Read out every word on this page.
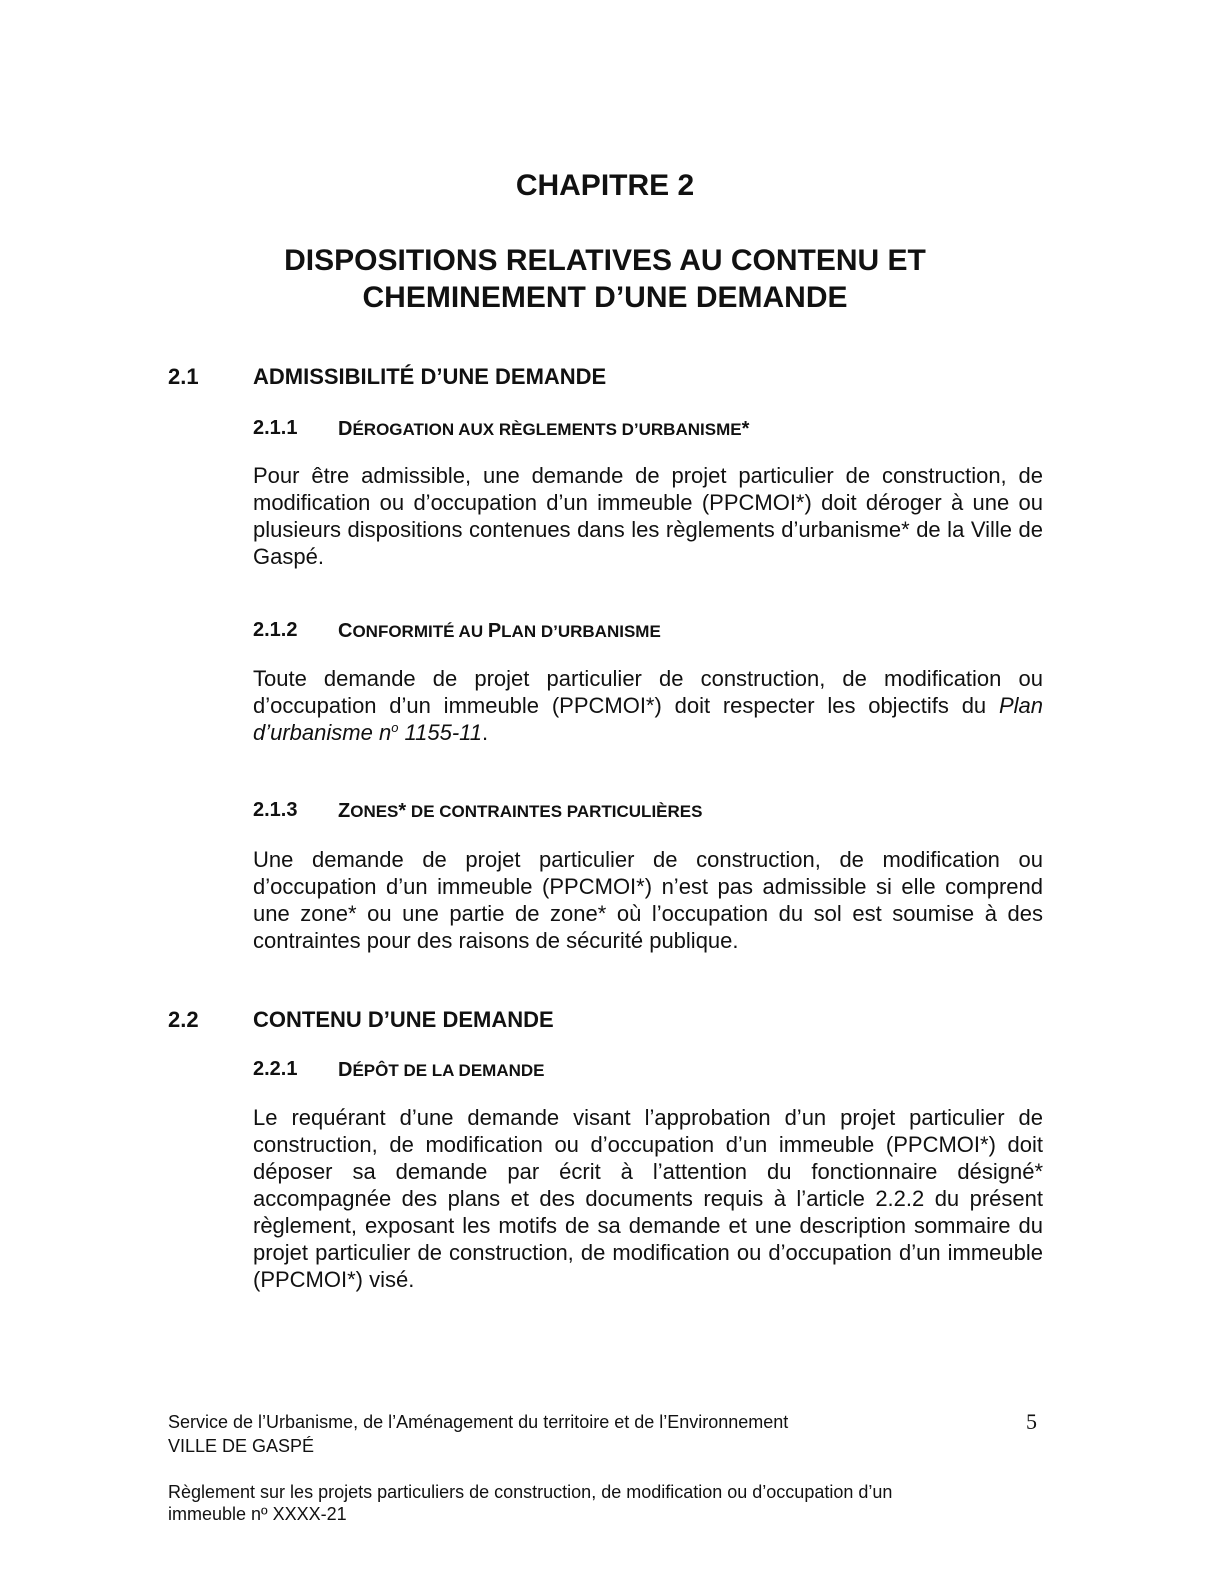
CHAPITRE 2
DISPOSITIONS RELATIVES AU CONTENU ET
CHEMINEMENT D’UNE DEMANDE
2.1 ADMISSIBILITÉ D’UNE DEMANDE
2.1.1 DÉROGATION AUX RÈGLEMENTS D’URBANISME*
Pour être admissible, une demande de projet particulier de construction, de modification ou d’occupation d’un immeuble (PPCMOI*) doit déroger à une ou plusieurs dispositions contenues dans les règlements d’urbanisme* de la Ville de Gaspé.
2.1.2 CONFORMITÉ AU PLAN D’URBANISME
Toute demande de projet particulier de construction, de modification ou d’occupation d’un immeuble (PPCMOI*) doit respecter les objectifs du Plan d’urbanisme $n^o$ 1155-11.
2.1.3 ZONES* DE CONTRAINTES PARTICULIÈRES
Une demande de projet particulier de construction, de modification ou d’occupation d’un immeuble (PPCMOI*) n’est pas admissible si elle comprend une zone* ou une partie de zone* où l’occupation du sol est soumise à des contraintes pour des raisons de sécurité publique.
2.2 CONTENU D’UNE DEMANDE
2.2.1 DÉPÔT DE LA DEMANDE
Le requérant d’une demande visant l’approbation d’un projet particulier de construction, de modification ou d’occupation d’un immeuble (PPCMOI*) doit déposer sa demande par écrit à l’attention du fonctionnaire désigné* accompagnée des plans et des documents requis à l’article 2.2.2 du présent règlement, exposant les motifs de sa demande et une description sommaire du projet particulier de construction, de modification ou d’occupation d’un immeuble (PPCMOI*) visé.
Service de l’Urbanisme, de l’Aménagement du territoire et de l’Environnement
VILLE DE GASPÉ
5
Règlement sur les projets particuliers de construction, de modification ou d’occupation d’un
immeuble nº XXXX-21
